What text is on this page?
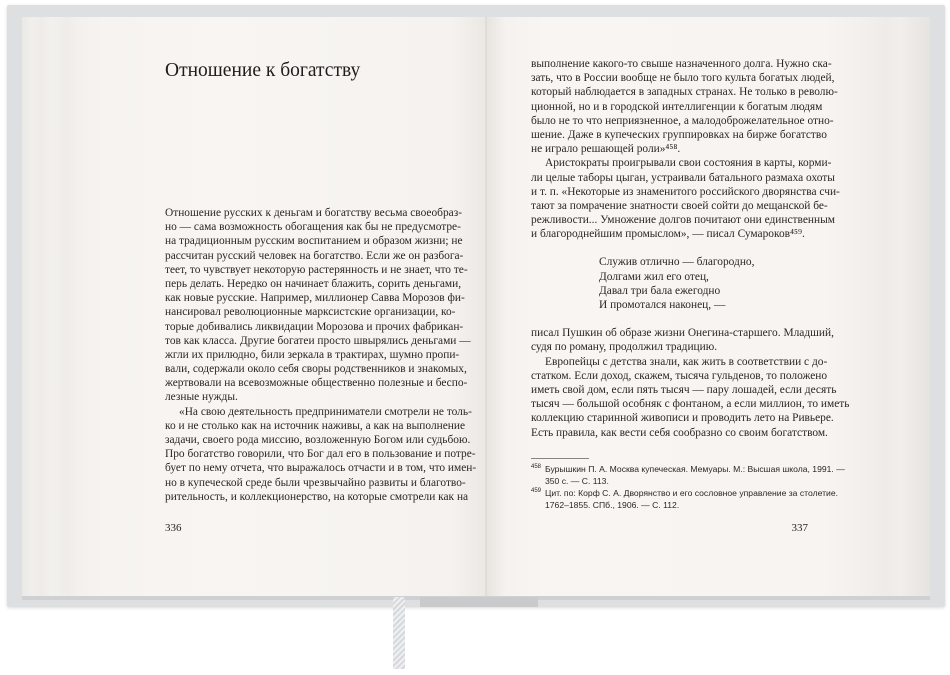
Отношение к богатству
Отношение русских к деньгам и богатству весьма своеобраз-
но — сама возможность обогащения как бы не предусмотре-
на традиционным русским воспитанием и образом жизни; не
рассчитан русский человек на богатство. Если же он разбога-
теет, то чувствует некоторую растерянность и не знает, что те-
перь делать. Нередко он начинает блажить, сорить деньгами,
как новые русские. Например, миллионер Савва Морозов фи-
нансировал революционные марксистские организации, ко-
торые добивались ликвидации Морозова и прочих фабрикан-
тов как класса. Другие богатеи просто швырялись деньгами —
жгли их прилюдно, били зеркала в трактирах, шумно пропи-
вали, содержали около себя своры родственников и знакомых,
жертвовали на всевозможные общественно полезные и беспо-
лезные нужды.
«На свою деятельность предприниматели смотрели не толь-
ко и не столько как на источник наживы, а как на выполнение
задачи, своего рода миссию, возложенную Богом или судьбою.
Про богатство говорили, что Бог дал его в пользование и потре-
бует по нему отчета, что выражалось отчасти и в том, что имен-
но в купеческой среде были чрезвычайно развиты и благотво-
рительность, и коллекционерство, на которые смотрели как на
336
выполнение какого-то свыше назначенного долга. Нужно ска-
зать, что в России вообще не было того культа богатых людей,
который наблюдается в западных странах. Не только в револю-
ционной, но и в городской интеллигенции к богатым людям
было не то что неприязненное, а малодоброжелательное отно-
шение. Даже в купеческих группировках на бирже богатство
не играло решающей роли»⁴⁵⁸.
Аристократы проигрывали свои состояния в карты, корми-
ли целые таборы цыган, устраивали батального размаха охоты
и т. п. «Некоторые из знаменитого российского дворянства счи-
тают за помрачение знатности своей сойти до мещанской бе-
режливости... Умножение долгов почитают они единственным
и благороднейшим промыслом», — писал Сумароков⁴⁵⁹.
Служив отлично — благородно,
Долгами жил его отец,
Давал три бала ежегодно
И промотался наконец, —
писал Пушкин об образе жизни Онегина-старшего. Младший,
судя по роману, продолжил традицию.
Европейцы с детства знали, как жить в соответствии с до-
статком. Если доход, скажем, тысяча гульденов, то положено
иметь свой дом, если пять тысяч — пару лошадей, если десять
тысяч — большой особняк с фонтаном, а если миллион, то иметь
коллекцию старинной живописи и проводить лето на Ривьере.
Есть правила, как вести себя сообразно со своим богатством.
458 Бурышкин П. А. Москва купеческая. Мемуары. М.: Высшая школа, 1991. —
350 с. — С. 113.
459 Цит. по: Корф С. А. Дворянство и его сословное управление за столетие.
1762–1855. СПб., 1906. — С. 112.
337
